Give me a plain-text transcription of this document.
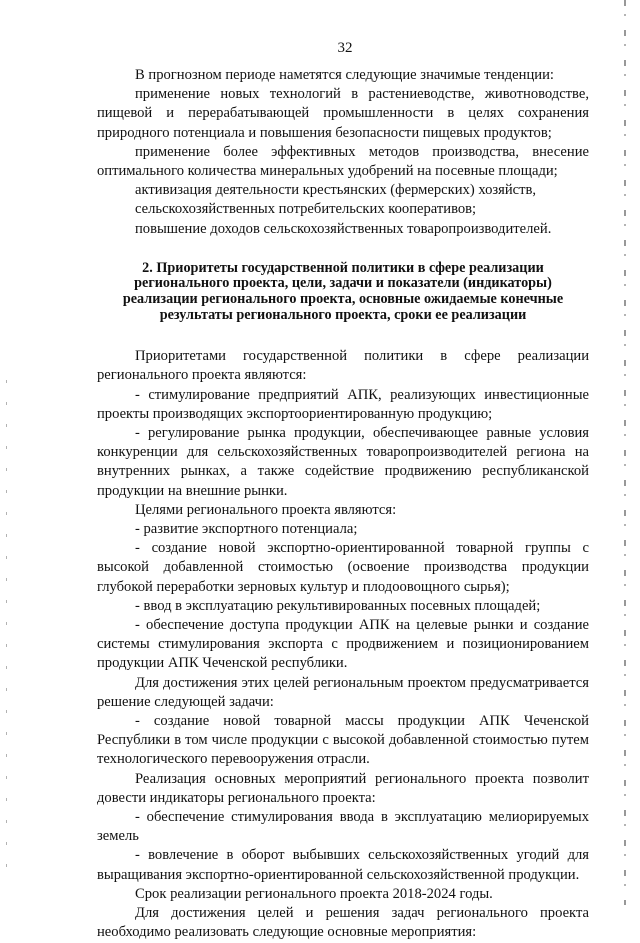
32

В прогнозном периоде наметятся следующие значимые тенденции:

применение новых технологий в растениеводстве, животноводстве, пищевой и перерабатывающей промышленности в целях сохранения природного потенциала и повышения безопасности пищевых продуктов;

применение более эффективных методов производства, внесение оптимального количества минеральных удобрений на посевные площади;

активизация деятельности крестьянских (фермерских) хозяйств,

сельскохозяйственных потребительских кооперативов;

повышение доходов сельскохозяйственных товаропроизводителей.

2. Приоритеты государственной политики в сфере реализации регионального проекта, цели, задачи и показатели (индикаторы) реализации регионального проекта, основные ожидаемые конечные результаты регионального проекта, сроки ее реализации

Приоритетами государственной политики в сфере реализации регионального проекта являются:

- стимулирование предприятий АПК, реализующих инвестиционные проекты производящих экспортоориентированную продукцию;

- регулирование рынка продукции, обеспечивающее равные условия конкуренции для сельскохозяйственных товаропроизводителей региона на внутренних рынках, а также содействие продвижению республиканской продукции на внешние рынки.

Целями регионального проекта являются:

- развитие экспортного потенциала;

- создание новой экспортно-ориентированной товарной группы с высокой добавленной стоимостью (освоение производства продукции глубокой переработки зерновых культур и плодоовощного сырья);

- ввод в эксплуатацию рекультивированных посевных площадей;

- обеспечение доступа продукции АПК на целевые рынки и создание системы стимулирования экспорта с продвижением и позиционированием продукции АПК Чеченской республики.

Для достижения этих целей региональным проектом предусматривается решение следующей задачи:

- создание новой товарной массы продукции АПК Чеченской Республики в том числе продукции с высокой добавленной стоимостью путем технологического перевооружения отрасли.

Реализация основных мероприятий регионального проекта позволит довести индикаторы регионального проекта:

- обеспечение стимулирования ввода в эксплуатацию мелиорируемых земель

- вовлечение в оборот выбывших сельскохозяйственных угодий для выращивания экспортно-ориентированной сельскохозяйственной продукции.

Срок реализации регионального проекта 2018-2024 годы.

Для достижения целей и решения задач регионального проекта необходимо реализовать следующие основные мероприятия:
